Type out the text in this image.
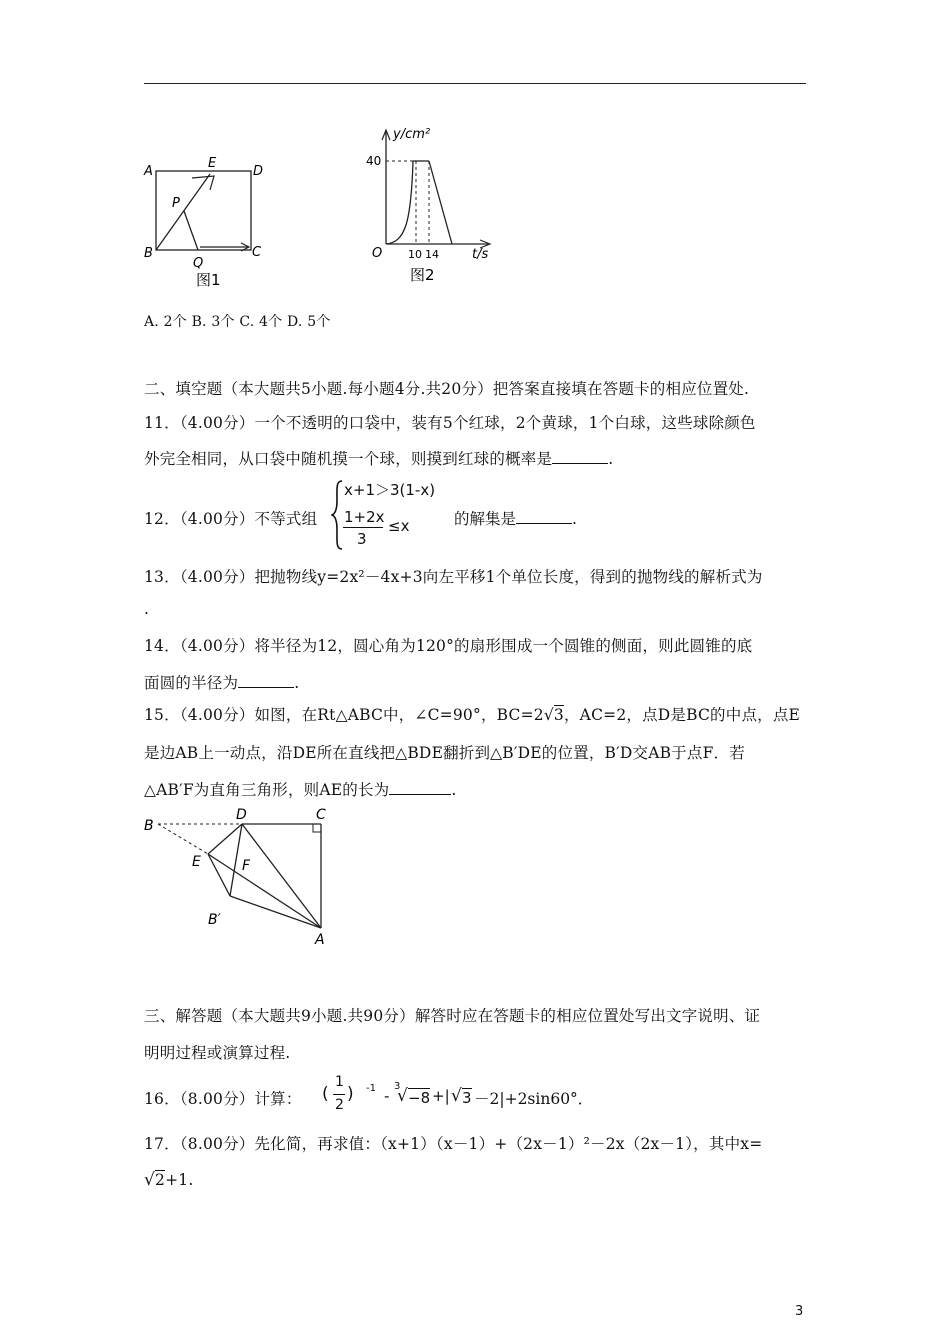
A
E
D
P
B
Q
C
图1
y/cm²
40
O 10 14	t/s
图2
A. 2个 B. 3个 C. 4个 D. 5个
二、填空题（本大题共5小题.每小题4分.共20分）把答案直接填在答题卡的相应位置处.
11．（4.00分）一个不透明的口袋中，装有5个红球，2个黄球，1个白球，这些球除颜色
外完全相同，从口袋中随机摸一个球，则摸到红球的概率是	.
12．（4.00分）不等式组
x+1＞3(1-x)
1+2x
3
≤x	的解集是	.
13．（4.00分）把抛物线y=2x²－4x+3向左平移1个单位长度，得到的抛物线的解析式为
.
14．（4.00分）将半径为12，圆心角为120°的扇形围成一个圆锥的侧面，则此圆锥的底
面圆的半径为	.
15．（4.00分）如图，在Rt△ABC中，∠C=90°，BC=2√3，AC=2，点D是BC的中点，点E
是边AB上一动点，沿DE所在直线把△BDE翻折到△B′DE的位置，B′D交AB于点F．若
△AB′F为直角三角形，则AE的长为	.
B
D	C
E	F
B′
A
三、解答题（本大题共9小题.共90分）解答时应在答题卡的相应位置处写出文字说明、证
明明过程或演算过程.
16．（8.00分）计算： (
1
2
) -1 -
3
√ −8 +| √ 3 －2|+2sin60°．
17．（8.00分）先化简，再求值：（x+1）（x－1）+（2x－1）²－2x（2x－1），其中x=
√2+1.
3
